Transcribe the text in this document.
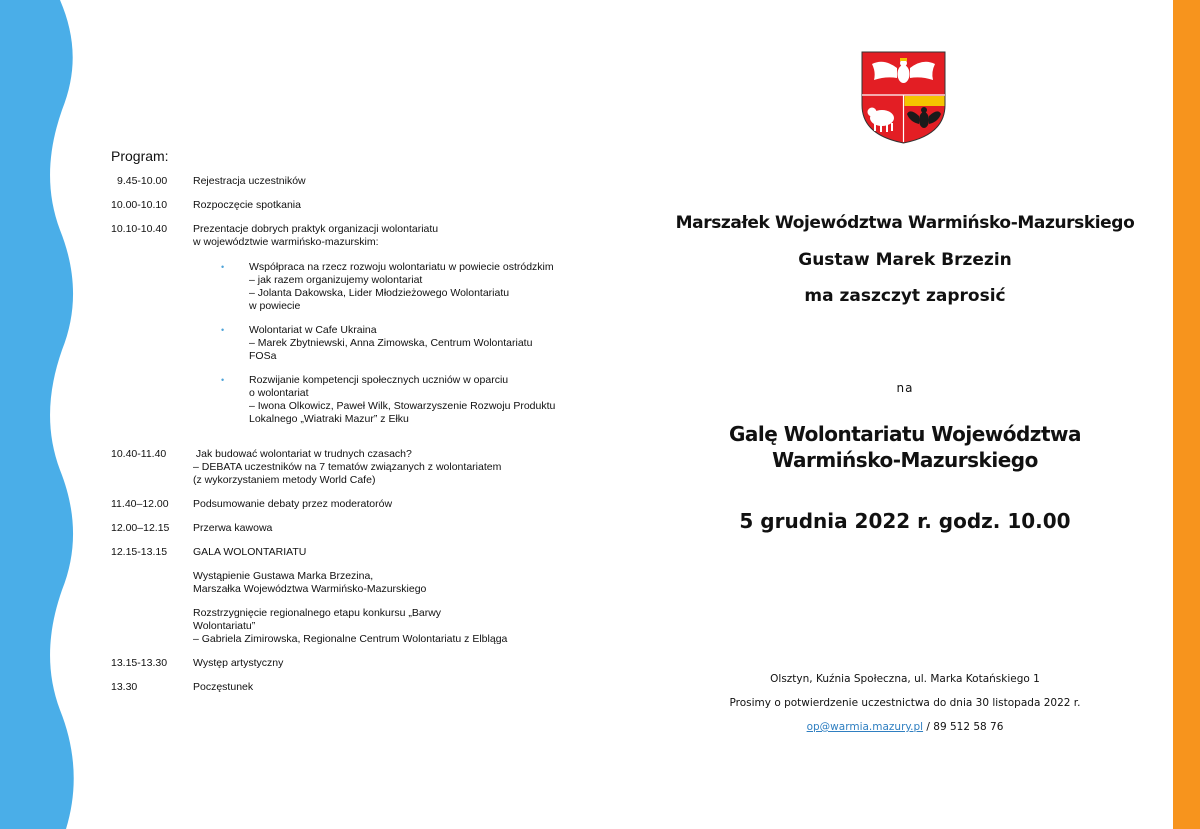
Program:
9.45-10.00	Rejestracja uczestników
10.00-10.10	Rozpoczęcie spotkania
10.10-10.40	Prezentacje dobrych praktyk organizacji wolontariatu
w województwie warmińsko-mazurskim:
• Współpraca na rzecz rozwoju wolontariatu w powiecie ostródzkim
– jak razem organizujemy wolontariat
– Jolanta Dakowska, Lider Młodzieżowego Wolontariatu
w powiecie
• Wolontariat w Cafe Ukraina
– Marek Zbytniewski, Anna Zimowska, Centrum Wolontariatu
FOSa
• Rozwijanie kompetencji społecznych uczniów w oparciu
o wolontariat
– Iwona Olkowicz, Paweł Wilk, Stowarzyszenie Rozwoju Produktu
Lokalnego „Wiatraki Mazur” z Ełku
10.40-11.40	Jak budować wolontariat w trudnych czasach?
– DEBATA uczestników na 7 tematów związanych z wolontariatem
(z wykorzystaniem metody World Cafe)
11.40–12.00	Podsumowanie debaty przez moderatorów
12.00–12.15	Przerwa kawowa
12.15-13.15	GALA WOLONTARIATU
Wystąpienie Gustawa Marka Brzezina,
Marszałka Województwa Warmińsko-Mazurskiego
Rozstrzygnięcie regionalnego etapu konkursu „Barwy
Wolontariatu”
– Gabriela Zimirowska, Regionalne Centrum Wolontariatu z Elbląga
13.15-13.30	Występ artystyczny
13.30	Poczęstunek
Marszałek Województwa Warmińsko-Mazurskiego
Gustaw Marek Brzezin
ma zaszczyt zaprosić
na
Galę Wolontariatu Województwa
Warmińsko-Mazurskiego
5 grudnia 2022 r. godz. 10.00
Olsztyn, Kuźnia Społeczna, ul. Marka Kotańskiego 1
Prosimy o potwierdzenie uczestnictwa do dnia 30 listopada 2022 r.
op@warmia.mazury.pl / 89 512 58 76
